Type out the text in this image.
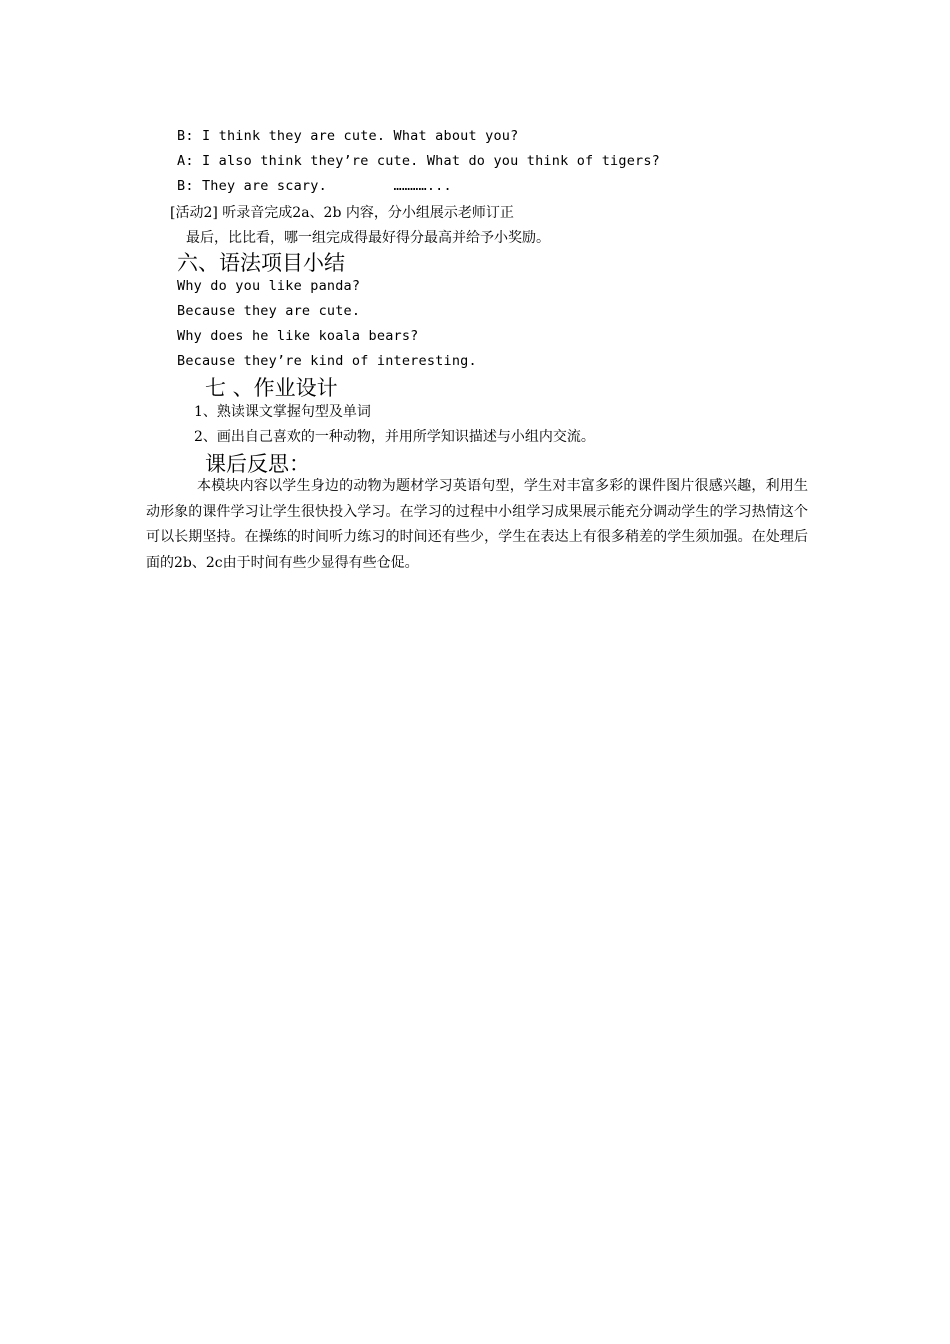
B: I think they are cute. What about you?
A: I also think they’re cute. What do you think of tigers?
B: They are scary.        …………...
[活动2] 听录音完成2a、2b 内容，分小组展示老师订正
最后，比比看，哪一组完成得最好得分最高并给予小奖励。
六、语法项目小结
Why do you like panda?
Because they are cute.
Why does he like koala bears?
Because they’re kind of interesting.
七 、作业设计
1、熟读课文掌握句型及单词
2、画出自己喜欢的一种动物，并用所学知识描述与小组内交流。
课后反思：
本模块内容以学生身边的动物为题材学习英语句型，学生对丰富多彩的课件图片很感兴趣，利用生动形象的课件学习让学生很快投入学习。在学习的过程中小组学习成果展示能充分调动学生的学习热情这个可以长期坚持。在操练的时间听力练习的时间还有些少，学生在表达上有很多稍差的学生须加强。在处理后面的2b、2c由于时间有些少显得有些仓促。
